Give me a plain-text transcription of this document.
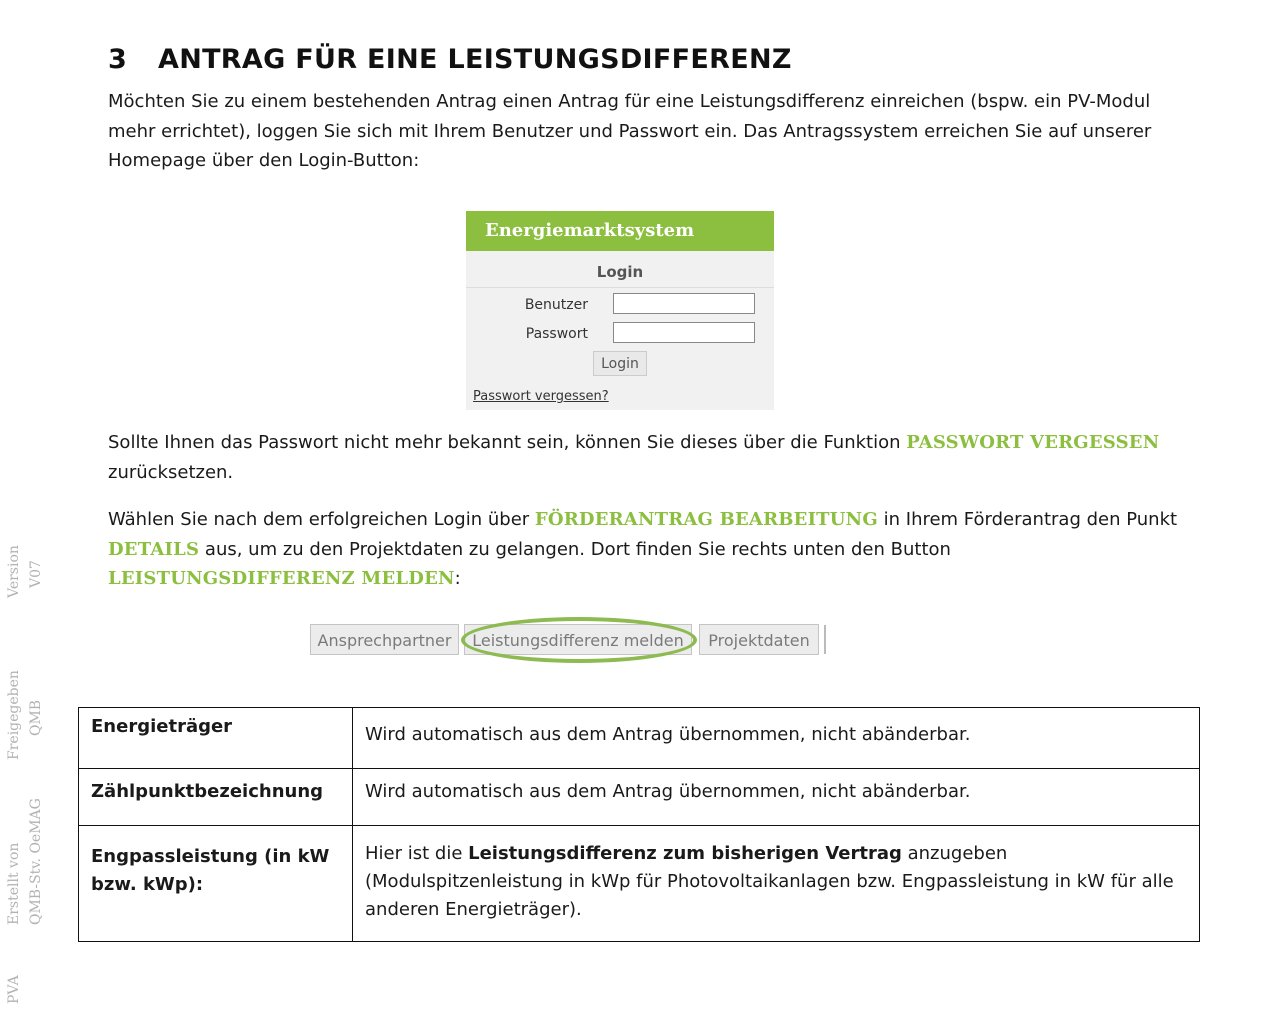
3 ANTRAG FÜR EINE LEISTUNGSDIFFERENZ

Möchten Sie zu einem bestehenden Antrag einen Antrag für eine Leistungsdifferenz einreichen (bspw. ein PV-Modul mehr errichtet), loggen Sie sich mit Ihrem Benutzer und Passwort ein. Das Antragssystem erreichen Sie auf unserer Homepage über den Login-Button:

Energiemarktsystem
Login
Benutzer
Passwort
Login
Passwort vergessen?

Sollte Ihnen das Passwort nicht mehr bekannt sein, können Sie dieses über die Funktion PASSWORT VERGESSEN zurücksetzen.

Wählen Sie nach dem erfolgreichen Login über FÖRDERANTRAG BEARBEITUNG in Ihrem Förderantrag den Punkt DETAILS aus, um zu den Projektdaten zu gelangen. Dort finden Sie rechts unten den Button LEISTUNGSDIFFERENZ MELDEN:

Ansprechpartner	Leistungsdifferenz melden	Projektdaten
Energieträger	Wird automatisch aus dem Antrag übernommen, nicht abänderbar.
Zählpunktbezeichnung	Wird automatisch aus dem Antrag übernommen, nicht abänderbar.
Engpassleistung (in kW bzw. kWp):	Hier ist die Leistungsdifferenz zum bisherigen Vertrag anzugeben (Modulspitzenleistung in kWp für Photovoltaikanlagen bzw. Engpassleistung in kW für alle anderen Energieträger).
Version V07
Freigegeben QMB
Erstellt von QMB-Stv. OeMAG
PVA
